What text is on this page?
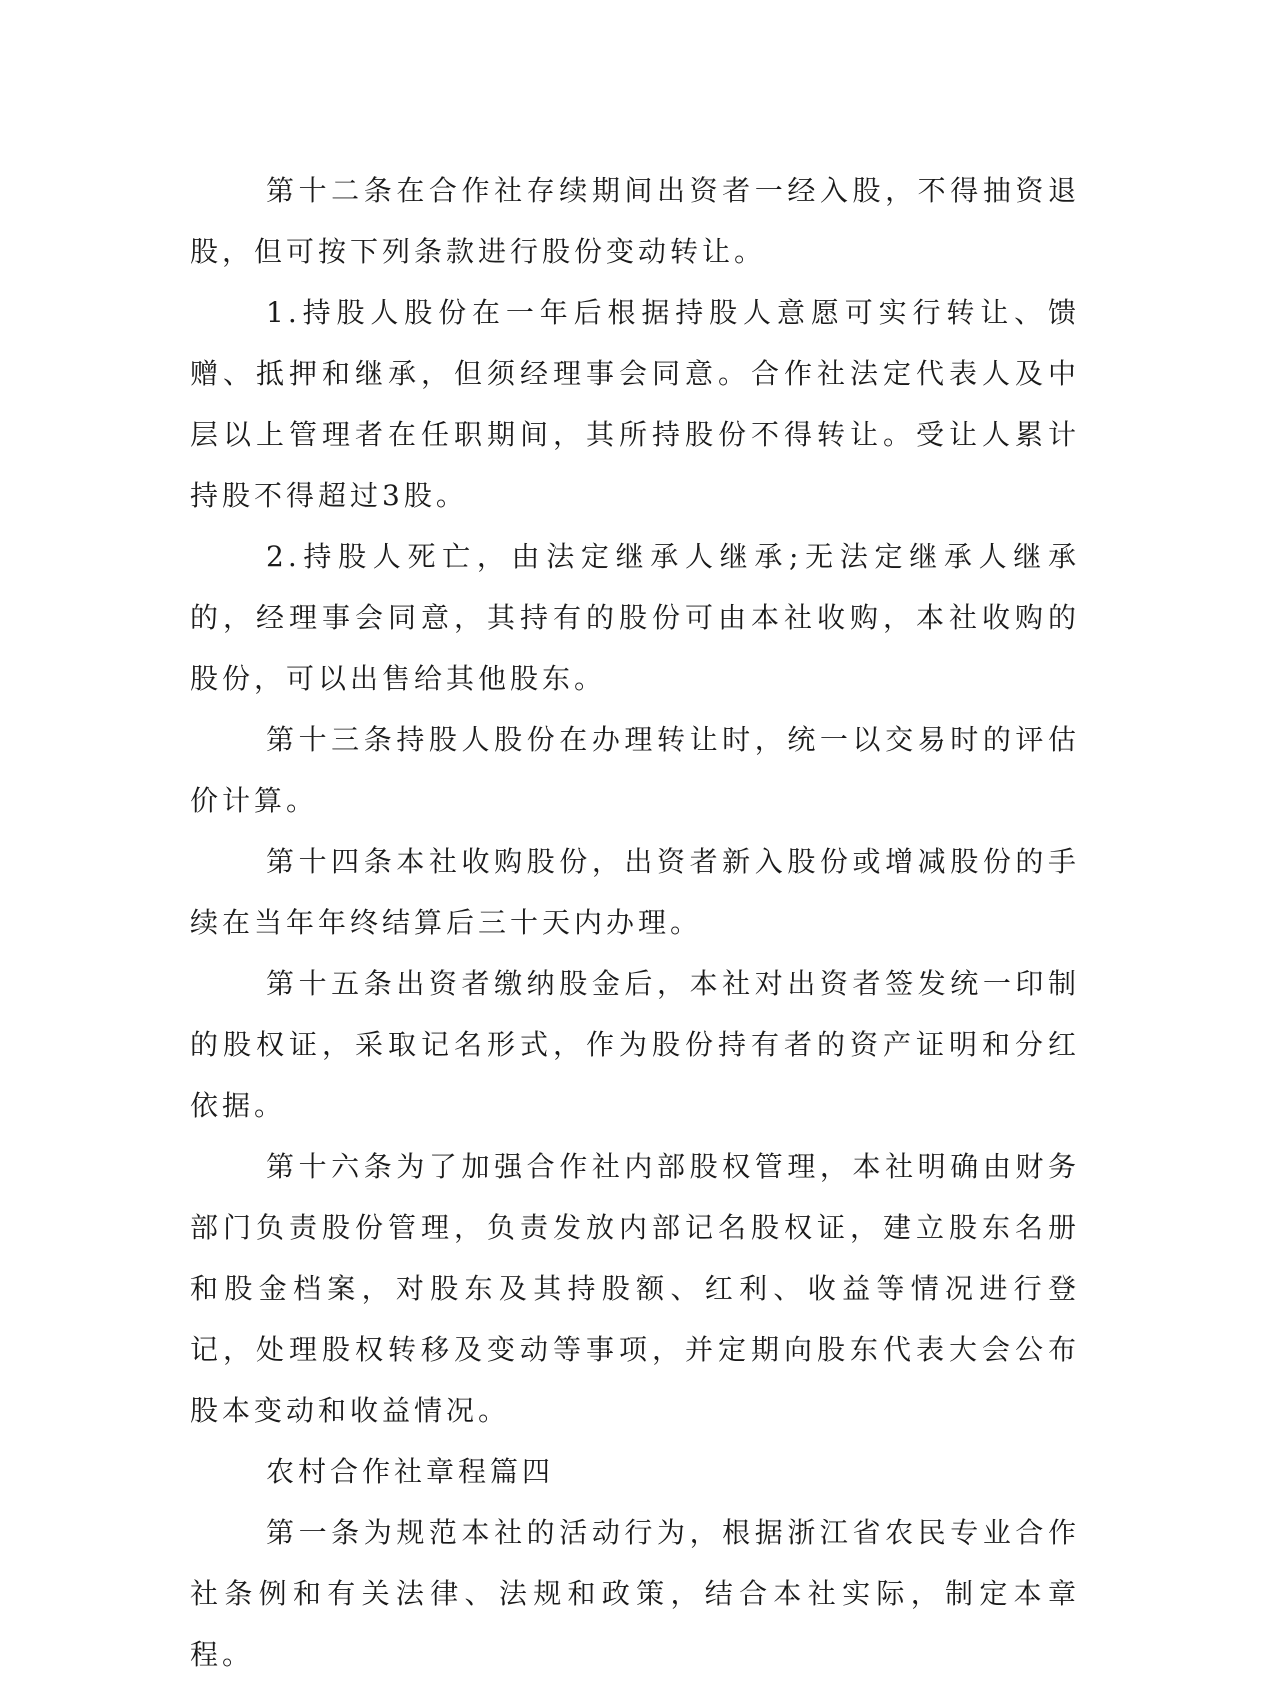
第十二条在合作社存续期间出资者一经入股，不得抽资退股，但可按下列条款进行股份变动转让。

1.持股人股份在一年后根据持股人意愿可实行转让、馈赠、抵押和继承，但须经理事会同意。合作社法定代表人及中层以上管理者在任职期间，其所持股份不得转让。受让人累计持股不得超过3股。

2.持股人死亡，由法定继承人继承;无法定继承人继承的，经理事会同意，其持有的股份可由本社收购，本社收购的股份，可以出售给其他股东。

第十三条持股人股份在办理转让时，统一以交易时的评估价计算。

第十四条本社收购股份，出资者新入股份或增减股份的手续在当年年终结算后三十天内办理。

第十五条出资者缴纳股金后，本社对出资者签发统一印制的股权证，采取记名形式，作为股份持有者的资产证明和分红依据。

第十六条为了加强合作社内部股权管理，本社明确由财务部门负责股份管理，负责发放内部记名股权证，建立股东名册和股金档案，对股东及其持股额、红利、收益等情况进行登记，处理股权转移及变动等事项，并定期向股东代表大会公布股本变动和收益情况。

农村合作社章程篇四

第一条为规范本社的活动行为，根据浙江省农民专业合作社条例和有关法律、法规和政策，结合本社实际，制定本章程。
